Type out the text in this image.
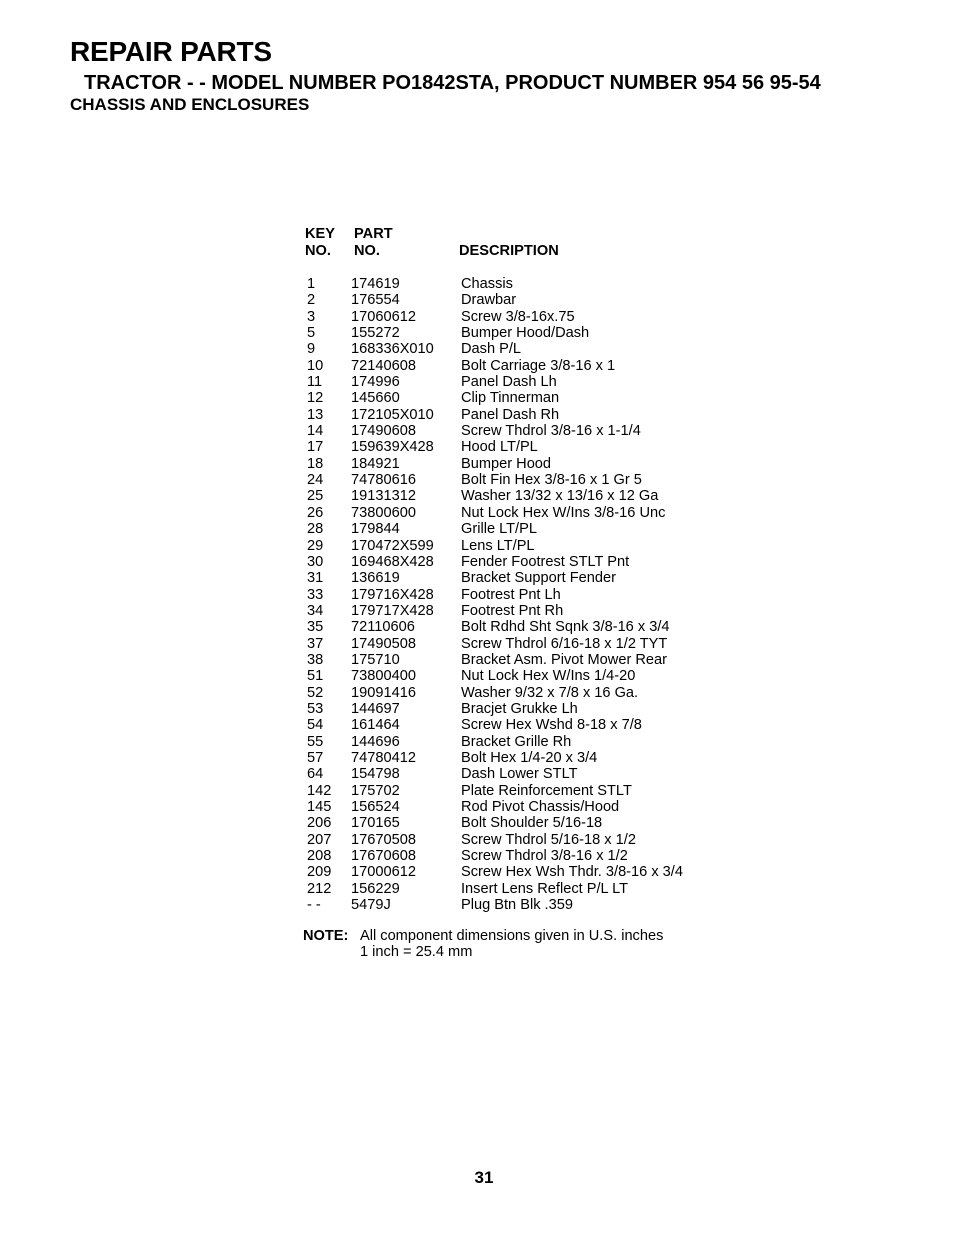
REPAIR PARTS
TRACTOR - - MODEL NUMBER PO1842STA, PRODUCT NUMBER 954 56 95-54
CHASSIS AND ENCLOSURES
KEY
NO.
PART
NO.	DESCRIPTION
1 174619	Chassis
2 176554	Drawbar
3 17060612	Screw 3/8-16x.75
5 155272	Bumper Hood/Dash
9 168336X010 Dash P/L
10 72140608	Bolt Carriage 3/8-16 x 1
11 174996	Panel Dash Lh
12 145660	Clip Tinnerman
13 172105X010 Panel Dash Rh
14 17490608	Screw Thdrol 3/8-16 x 1-1/4
17 159639X428 Hood LT/PL
18 184921	Bumper Hood
24 74780616	Bolt Fin Hex 3/8-16 x 1 Gr 5
25 19131312	Washer 13/32 x 13/16 x 12 Ga
26 73800600	Nut Lock Hex W/Ins 3/8-16 Unc
28 179844	Grille LT/PL
29 170472X599 Lens LT/PL
30 169468X428 Fender Footrest STLT Pnt
31 136619	Bracket Support Fender
33 179716X428 Footrest Pnt Lh
34 179717X428 Footrest Pnt Rh
35 72110606	Bolt Rdhd Sht Sqnk 3/8-16 x 3/4
37 17490508	Screw Thdrol 6/16-18 x 1/2 TYT
38 175710	Bracket Asm. Pivot Mower Rear
51 73800400	Nut Lock Hex W/Ins 1/4-20
52 19091416	Washer 9/32 x 7/8 x 16 Ga.
53 144697	Bracjet Grukke Lh
54 161464	Screw Hex Wshd 8-18 x 7/8
55 144696	Bracket Grille Rh
57 74780412	Bolt Hex 1/4-20 x 3/4
64 154798	Dash Lower STLT
142 175702	Plate Reinforcement STLT
145 156524	Rod Pivot Chassis/Hood
206 170165	Bolt Shoulder 5/16-18
207 17670508	Screw Thdrol 5/16-18 x 1/2
208 17670608	Screw Thdrol 3/8-16 x 1/2
209 17000612	Screw Hex Wsh Thdr. 3/8-16 x 3/4
212 156229	Insert Lens Reflect P/L LT
- - 5479J	Plug Btn Blk .359
NOTE: All component dimensions given in U.S. inches
1 inch = 25.4 mm
31
